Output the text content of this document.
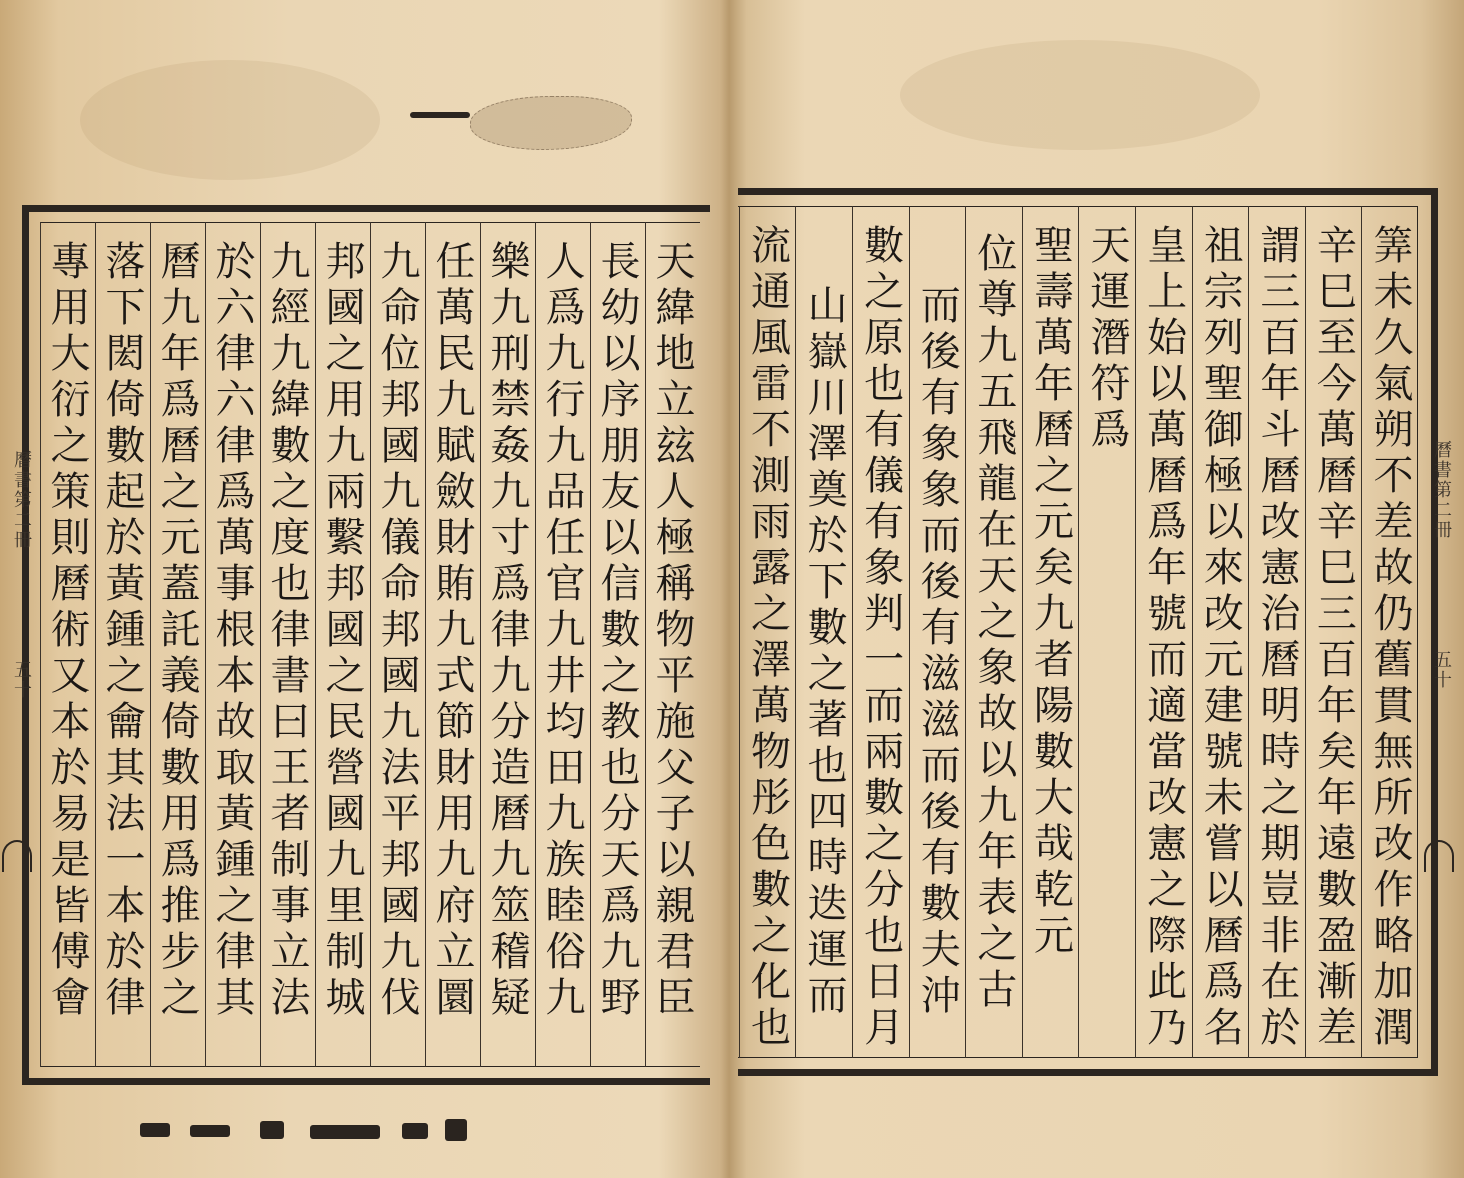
天緯地立玆人極稱物平施父子以親君臣
長幼以序朋友以信數之教也分天爲九野
人爲九行九品任官九井均田九族睦俗九
樂九刑禁姦九寸爲律九分造曆九筮稽疑
任萬民九賦斂財賄九式節財用九府立圜
九命位邦國九儀命邦國九法平邦國九伐
邦國之用九兩繫邦國之民營國九里制城
九經九緯數之度也律書曰王者制事立法
於六律六律爲萬事根本故取黃鍾之律其
曆九年爲曆之元蓋託義倚數用爲推步之
落下閎倚數起於黃鍾之龠其法一本於律
專用大衍之策則曆術又本於易是皆傅會
曆書第二冊
五十
筭未久氣朔不差故仍舊貫無所改作略加潤
辛巳至今萬曆辛巳三百年矣年遠數盈漸差
謂三百年斗曆改憲治曆明時之期豈非在於
祖宗列聖御極以來改元建號未嘗以曆爲名
皇上始以萬曆爲年號而適當改憲之際此乃
天運潛符爲
聖壽萬年曆之元矣九者陽數大哉乾元
位尊九五飛龍在天之象故以九年表之古
而後有象象而後有滋滋而後有數夫沖
數之原也有儀有象判一而兩數之分也日月
山嶽川澤奠於下數之著也四時迭運而
流通風雷不測雨露之澤萬物彤色數之化也
曆書第二冊
五十
